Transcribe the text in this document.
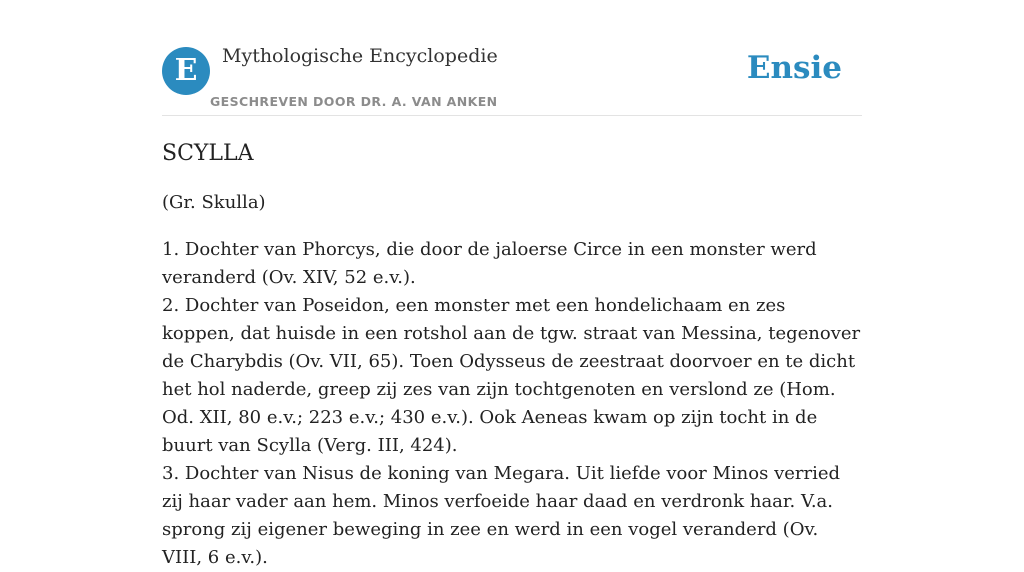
E	Mythologische Encyclopedie
GESCHREVEN DOOR DR. A. VAN ANKEN
Ensie
SCYLLA
(Gr. Skulla)

1. Dochter van Phorcys, die door de jaloerse Circe in een monster werd veranderd (Ov. XIV, 52 e.v.).

2. Dochter van Poseidon, een monster met een hondelichaam en zes koppen, dat huisde in een rotshol aan de tgw. straat van Messina, tegenover de Charybdis (Ov. VII, 65). Toen Odysseus de zeestraat doorvoer en te dicht het hol naderde, greep zij zes van zijn tochtgenoten en verslond ze (Hom. Od. XII, 80 e.v.; 223 e.v.; 430 e.v.). Ook Aeneas kwam op zijn tocht in de buurt van Scylla (Verg. III, 424).

3. Dochter van Nisus de koning van Megara. Uit liefde voor Minos verried zij haar vader aan hem. Minos verfoeide haar daad en verdronk haar. V.a. sprong zij eigener beweging in zee en werd in een vogel veranderd (Ov. VIII, 6 e.v.).
